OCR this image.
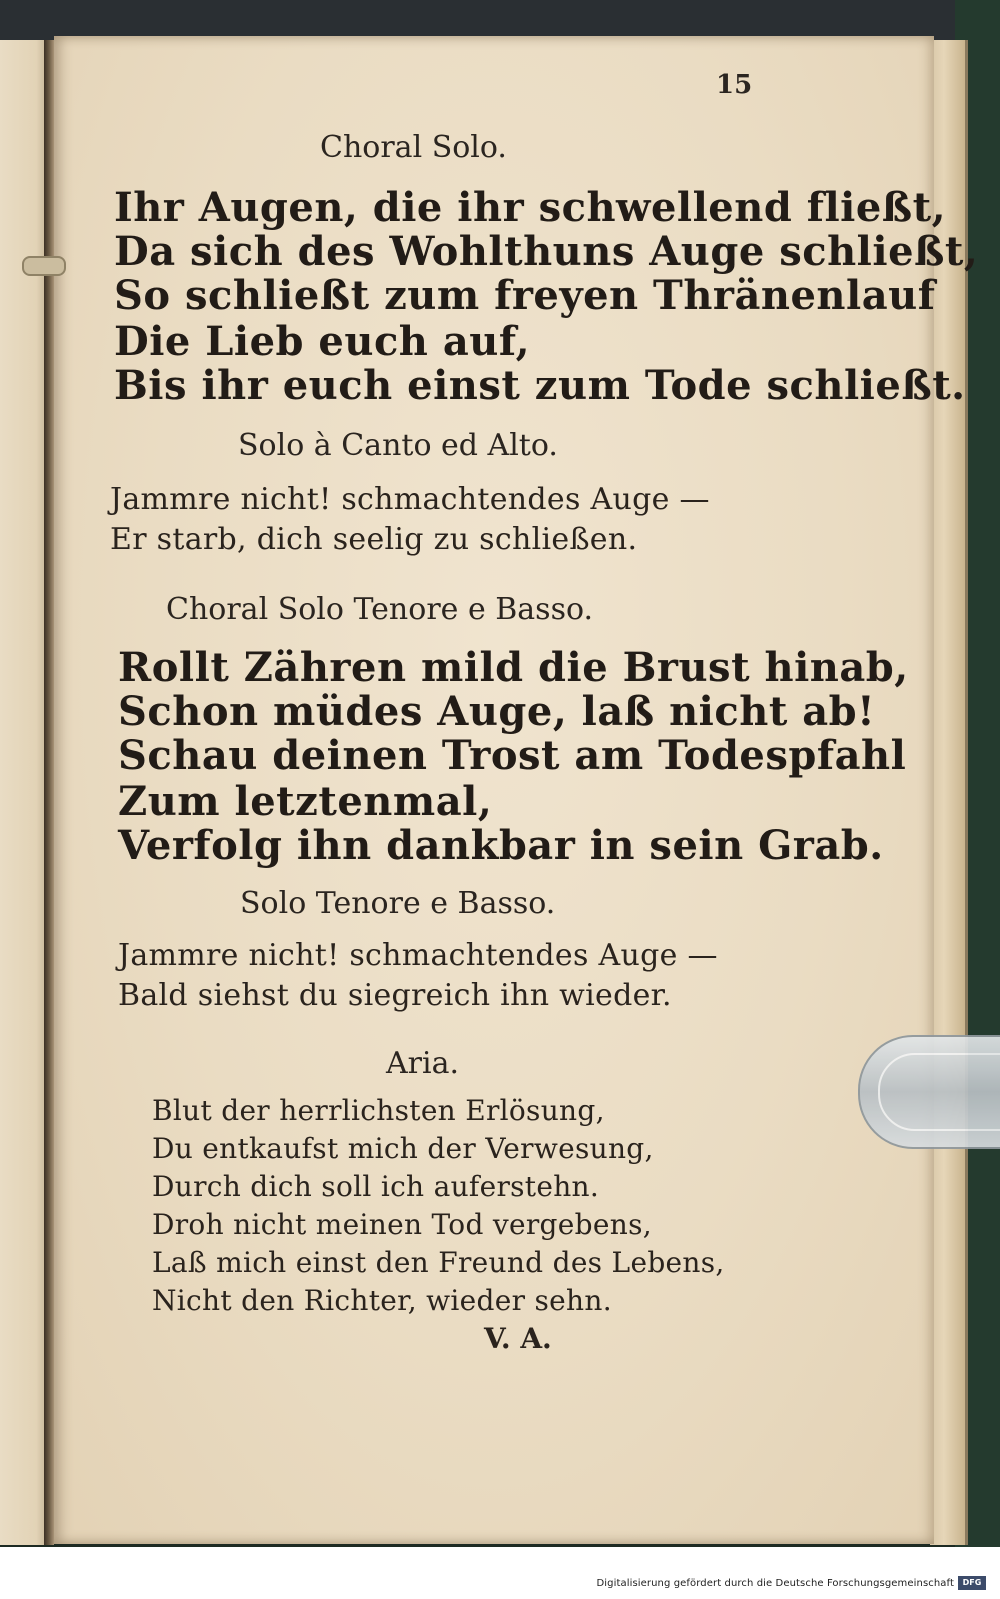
15
Choral Solo.
Ihr Augen, die ihr schwellend fließt,
Da sich des Wohlthuns Auge schließt,
So schließt zum freyen Thränenlauf
Die Lieb euch auf,
Bis ihr euch einst zum Tode schließt.
Solo à Canto ed Alto.
Jammre nicht! schmachtendes Auge —
Er starb, dich seelig zu schließen.
Choral Solo Tenore e Basso.
Rollt Zähren mild die Brust hinab,
Schon müdes Auge, laß nicht ab!
Schau deinen Trost am Todespfahl
Zum letztenmal,
Verfolg ihn dankbar in sein Grab.
Solo Tenore e Basso.
Jammre nicht! schmachtendes Auge —
Bald siehst du siegreich ihn wieder.
Aria.
Blut der herrlichsten Erlösung,
Du entkaufst mich der Verwesung,
Durch dich soll ich auferstehn.
Droh nicht meinen Tod vergebens,
Laß mich einst den Freund des Lebens,
Nicht den Richter, wieder sehn.
V. A.
Digitalisierung gefördert durch die Deutsche Forschungsgemeinschaft	DFG
